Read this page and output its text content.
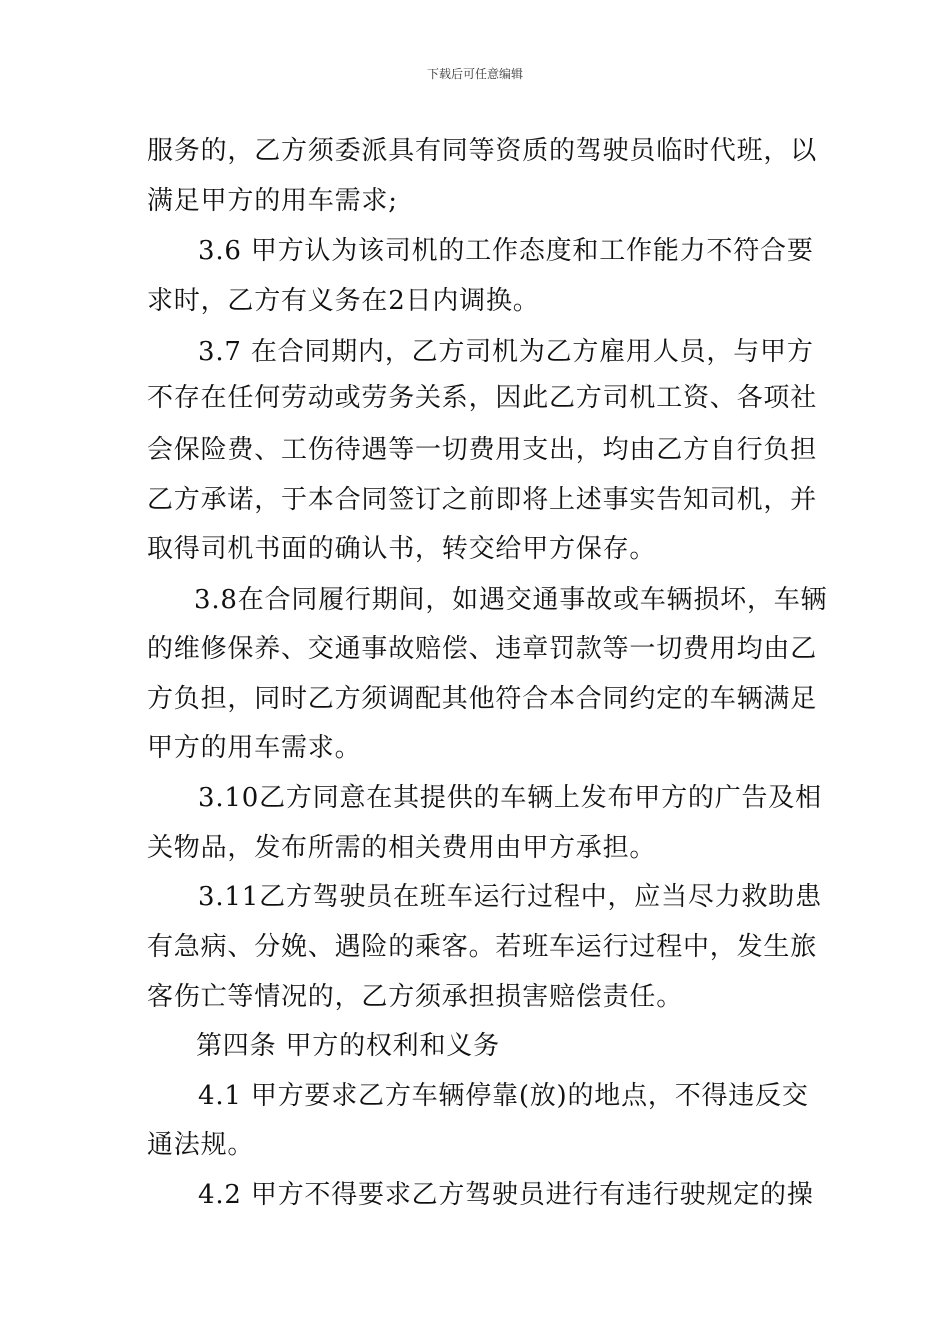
下载后可任意编辑
服务的，乙方须委派具有同等资质的驾驶员临时代班，以
满足甲方的用车需求;
3.6 甲方认为该司机的工作态度和工作能力不符合要
求时，乙方有义务在2日内调换。
3.7 在合同期内，乙方司机为乙方雇用人员，与甲方
不存在任何劳动或劳务关系，因此乙方司机工资、各项社
会保险费、工伤待遇等一切费用支出，均由乙方自行负担
乙方承诺，于本合同签订之前即将上述事实告知司机，并
取得司机书面的确认书，转交给甲方保存。
3.8在合同履行期间，如遇交通事故或车辆损坏，车辆
的维修保养、交通事故赔偿、违章罚款等一切费用均由乙
方负担，同时乙方须调配其他符合本合同约定的车辆满足
甲方的用车需求。
3.10乙方同意在其提供的车辆上发布甲方的广告及相
关物品，发布所需的相关费用由甲方承担。
3.11乙方驾驶员在班车运行过程中，应当尽力救助患
有急病、分娩、遇险的乘客。若班车运行过程中，发生旅
客伤亡等情况的，乙方须承担损害赔偿责任。
第四条 甲方的权利和义务
4.1 甲方要求乙方车辆停靠(放)的地点，不得违反交
通法规。
4.2 甲方不得要求乙方驾驶员进行有违行驶规定的操
